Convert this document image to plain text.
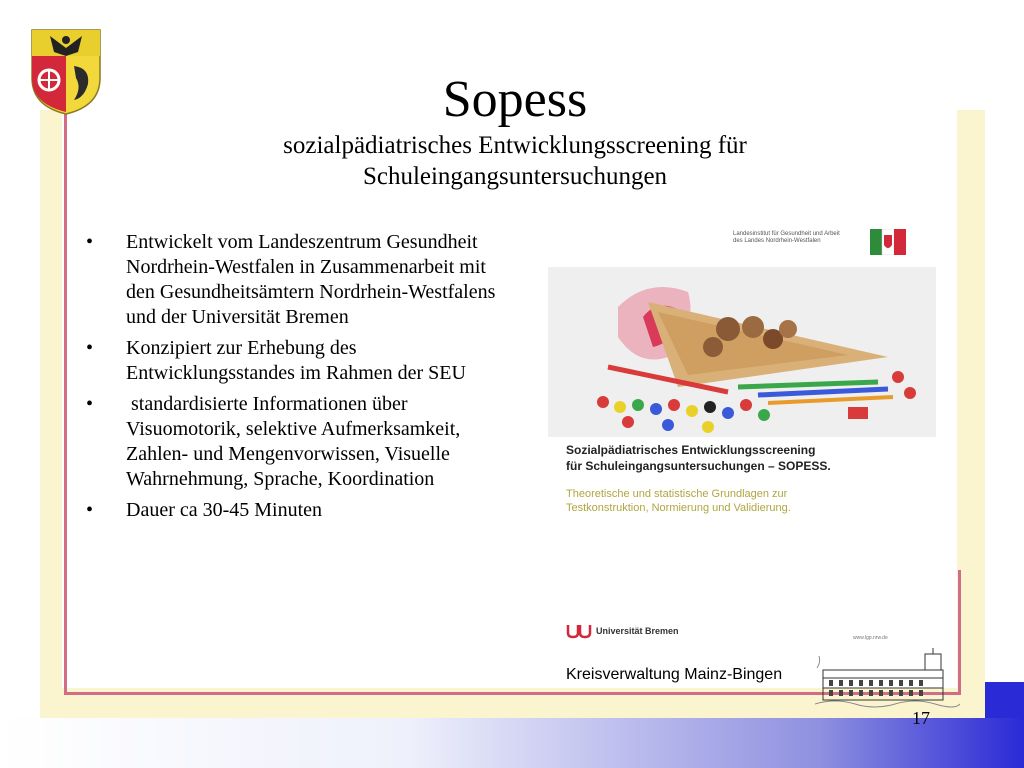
Sopess
sozialpädiatrisches Entwicklungsscreening für
Schuleingangsuntersuchungen
• Entwickelt vom Landeszentrum Gesundheit Nordrhein-Westfalen in Zusammenarbeit mit den Gesundheitsämtern Nordrhein-Westfalens und der Universität Bremen
• Konzipiert zur Erhebung des Entwicklungsstandes im Rahmen der SEU
• standardisierte Informationen über Visuomotorik, selektive Aufmerksamkeit, Zahlen- und Mengenvorwissen, Visuelle Wahrnehmung, Sprache, Koordination
• Dauer ca 30-45 Minuten
Landesinstitut für Gesundheit und Arbeit des Landes Nordrhein-Westfalen
Sozialpädiatrisches Entwicklungsscreening
für Schuleingangsuntersuchungen – SOPESS.
Theoretische und statistische Grundlagen zur
Testkonstruktion, Normierung und Validierung.
Universität Bremen
www.lgp.nrw.de
Kreisverwaltung Mainz-Bingen
17
